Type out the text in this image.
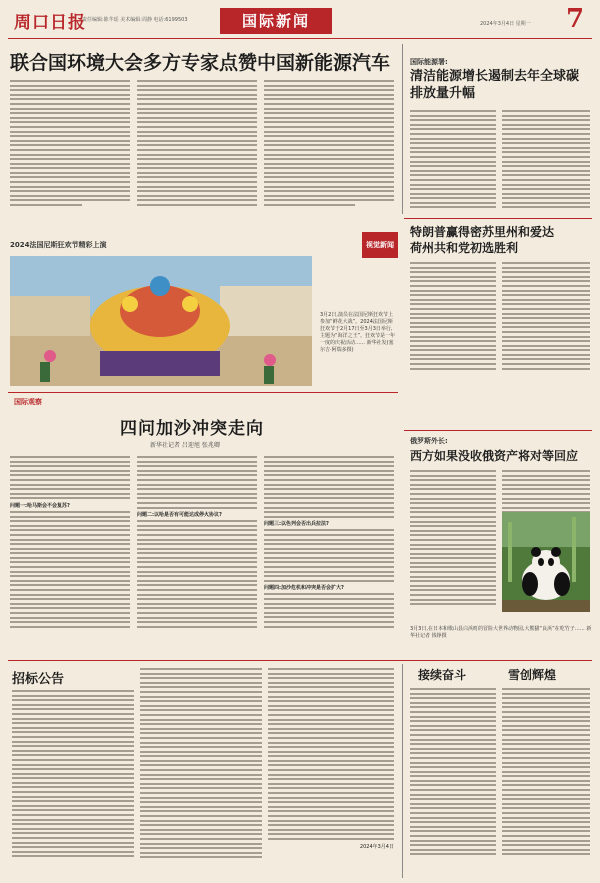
周口日报
责任编辑:陈芊瑶 美术编辑:周静 电话:6199503	国际新闻	2024年3月4日 星期一 7
联合国环境大会多方专家点赞中国新能源汽车	国际能源署:
清洁能源增长遏制去年全球碳排放量升幅
2024法国尼斯狂欢节精彩上演	视觉新闻
3月2日,演员在法国尼斯狂欢节上参加“鲜花大战”。2024法国尼斯狂欢节于2月17日至3月3日举行,主题为“海洋之王”。狂欢节是一年一度的庆祝活动…… 新华社发(塞尔吉·阿瑞多摄)
特朗普赢得密苏里州和爱达
荷州共和党初选胜利
国际观察
四问加沙冲突走向
新华社记者 吕迎旭 张兆卿
问题一:哈马斯会不会复苏?
问题二:以哈是否有可能达成停火协议?
问题三:以色列会否出兵拉法?
问题四:加沙危机和冲突是否会扩大?
俄罗斯外长:
西方如果没收俄资产将对等回应
3月3日,在日本和歌山县白浜町的冒险大世界动物园,大熊猫“良浜”在吃竹子…… 新华社记者 钱铮摄
招标公告
2024年3月4日
接续奋斗	雪创辉煌
